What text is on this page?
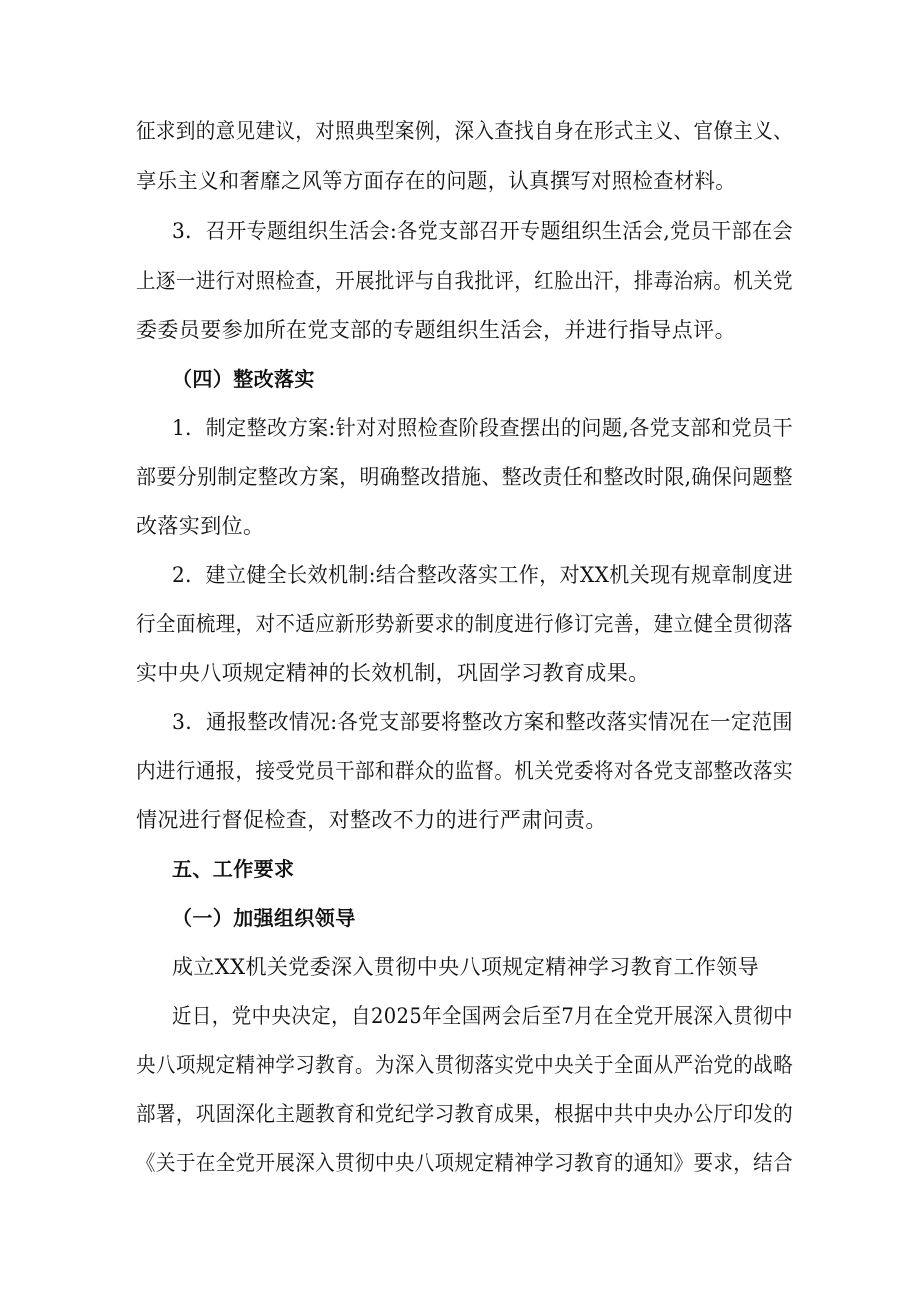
征求到的意见建议，对照典型案例，深入查找自身在形式主义、官僚主义、
享乐主义和奢靡之风等方面存在的问题，认真撰写对照检查材料。
3．召开专题组织生活会:各党支部召开专题组织生活会,党员干部在会
上逐一进行对照检查，开展批评与自我批评，红脸出汗，排毒治病。机关党
委委员要参加所在党支部的专题组织生活会，并进行指导点评。
（四）整改落实
1．制定整改方案:针对对照检查阶段查摆出的问题,各党支部和党员干
部要分别制定整改方案，明确整改措施、整改责任和整改时限,确保问题整
改落实到位。
2．建立健全长效机制:结合整改落实工作，对XX机关现有规章制度进
行全面梳理，对不适应新形势新要求的制度进行修订完善，建立健全贯彻落
实中央八项规定精神的长效机制，巩固学习教育成果。
3．通报整改情况:各党支部要将整改方案和整改落实情况在一定范围
内进行通报，接受党员干部和群众的监督。机关党委将对各党支部整改落实
情况进行督促检查，对整改不力的进行严肃问责。
五、工作要求
（一）加强组织领导
成立XX机关党委深入贯彻中央八项规定精神学习教育工作领导
近日，党中央决定，自2025年全国两会后至7月在全党开展深入贯彻中
央八项规定精神学习教育。为深入贯彻落实党中央关于全面从严治党的战略
部署，巩固深化主题教育和党纪学习教育成果，根据中共中央办公厅印发的
《关于在全党开展深入贯彻中央八项规定精神学习教育的通知》要求，结合
